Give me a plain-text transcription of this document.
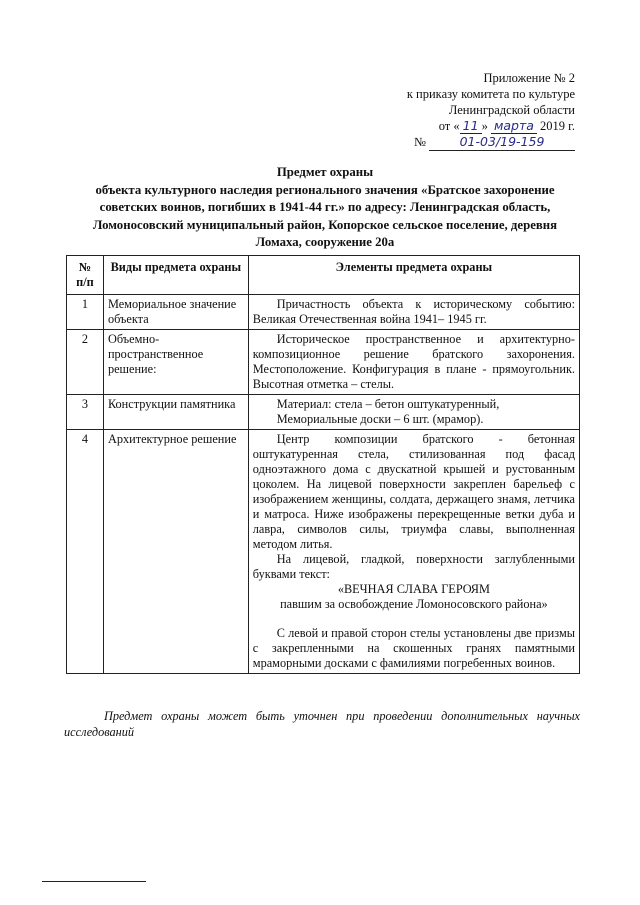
Приложение № 2
к приказу комитета по культуре
Ленинградской области
от « 11 » марта 2019 г.
№	01-03/19-159
Предмет охраны
объекта культурного наследия регионального значения «Братское захоронение
советских воинов, погибших в 1941-44 гг.» по адресу: Ленинградская область,
Ломоносовский муниципальный район, Копорское сельское поселение, деревня
Ломаха, сооружение 20а
№
п/п	Виды предмета охраны	Элементы предмета охраны
1	Мемориальное значение объекта	Причастность объекта к историческому событию: Великая Отечественная война 1941– 1945 гг.

2	Объемно-пространственное решение:	Историческое пространственное и архитектурно-композиционное решение братского захоронения. Местоположение. Конфигурация в плане - прямоугольник. Высотная отметка – стелы.

3	Конструкции памятника	Материал: стела – бетон оштукатуренный,

Мемориальные доски – 6 шт. (мрамор).

4	Архитектурное решение	Центр композиции братского - бетонная оштукатуренная стела, стилизованная под фасад одноэтажного дома с двускатной крышей и рустованным цоколем. На лицевой поверхности закреплен барельеф с изображением женщины, солдата, держащего знамя, летчика и матроса. Ниже изображены перекрещенные ветки дуба и лавра, символов силы, триумфа славы, выполненная методом литья.

На лицевой, гладкой, поверхности заглубленными буквами текст:

«ВЕЧНАЯ СЛАВА ГЕРОЯМ

павшим за освобождение Ломоносовского района»

С левой и правой сторон стелы установлены две призмы с закрепленными на скошенных гранях памятными мраморными досками с фамилиями погребенных воинов.

Предмет охраны может быть уточнен при проведении дополнительных научных исследований
